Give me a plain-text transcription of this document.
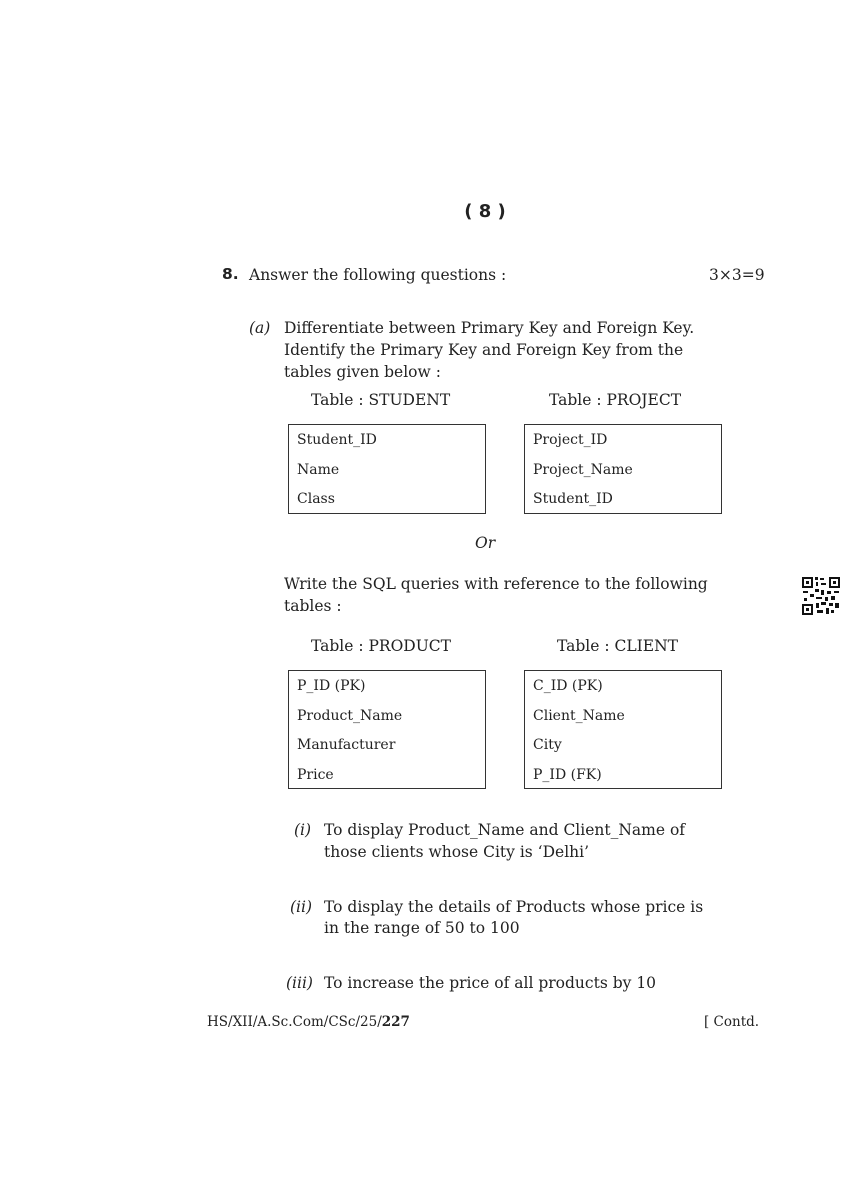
( 8 )
8. Answer the following questions :	3×3=9
(a) Differentiate between Primary Key and Foreign Key.
Identify the Primary Key and Foreign Key from the
tables given below :
Table : STUDENT	Table : PROJECT
Student_ID
Name
Class
Project_ID
Project_Name
Student_ID
Or
Write the SQL queries with reference to the following
tables :
Table : PRODUCT	Table : CLIENT
P_ID (PK)
Product_Name
Manufacturer
Price
C_ID (PK)
Client_Name
City
P_ID (FK)
(i) To display Product_Name and Client_Name of
those clients whose City is ‘Delhi’
(ii) To display the details of Products whose price is
in the range of 50 to 100
(iii) To increase the price of all products by 10
HS/XII/A.Sc.Com/CSc/25/227	[ Contd.
